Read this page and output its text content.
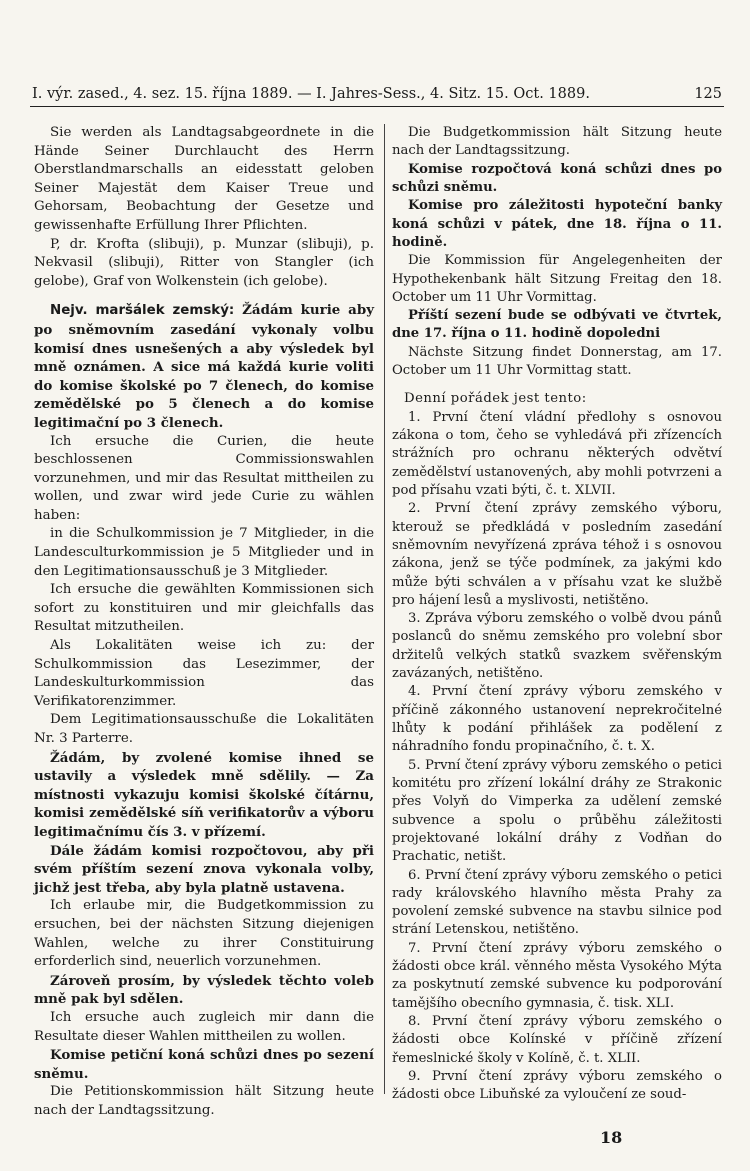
I. výr. zased., 4. sez. 15. října 1889. — I. Jahres-Sess., 4. Sitz. 15. Oct. 1889.	125

Sie werden als Landtagsabgeordnete in die Hände Seiner Durchlaucht des Herrn Oberstlandmarschalls an eidesstatt geloben Seiner Majestät dem Kaiser Treue und Gehorsam, Beobachtung der Gesetze und gewissenhafte Erfüllung Ihrer Pflichten.

P, dr. Krofta (slibuji), p. Munzar (slibuji), p. Nekvasil (slibuji), Ritter von Stangler (ich gelobe), Graf von Wolkenstein (ich gelobe).

Nejv. maršálek zemský: Žádám kurie aby po sněmovním zasedání vykonaly volbu komisí dnes usnešených a aby výsledek byl mně oznámen. A sice má každá kurie voliti do komise školské po 7 členech, do komise zemědělské po 5 členech a do komise legitimační po 3 členech.

Ich ersuche die Curien, die heute beschlossenen Commissionswahlen vorzunehmen, und mir das Resultat mittheilen zu wollen, und zwar wird jede Curie zu wählen haben:

in die Schulkommission je 7 Mitglieder, in die Landesculturkommission je 5 Mitglieder und in den Legitimationsausschuß je 3 Mitglieder.

Ich ersuche die gewählten Kommissionen sich sofort zu konstituiren und mir gleichfalls das Resultat mitzutheilen.

Als Lokalitäten weise ich zu: der Schulkommission das Lesezimmer, der Landeskulturkommission das Verifikatorenzimmer.

Dem Legitimationsausschuße die Lokalitäten Nr. 3 Parterre.

Žádám, by zvolené komise ihned se ustavily a výsledek mně sdělily. — Za místnosti vykazuju komisi školské čítárnu, komisi zemědělské síň verifikatorův a výboru legitimačnímu čís 3. v přízemí.

Dále žádám komisi rozpočtovou, aby při svém příštím sezení znova vykonala volby, jichž jest třeba, aby byla platně ustavena.

Ich erlaube mir, die Budgetkommission zu ersuchen, bei der nächsten Sitzung diejenigen Wahlen, welche zu ihrer Constituirung erforderlich sind, neuerlich vorzunehmen.

Zároveň prosím, by výsledek těchto voleb mně pak byl sdělen.

Ich ersuche auch zugleich mir dann die Resultate dieser Wahlen mittheilen zu wollen.

Komise petiční koná schůzi dnes po sezení sněmu.

Die Petitionskommission hält Sitzung heute nach der Landtagssitzung.

Die Budgetkommission hält Sitzung heute nach der Landtagssitzung.

Komise rozpočtová koná schůzi dnes po schůzi sněmu.

Komise pro záležitosti hypoteční banky koná schůzi v pátek, dne 18. října o 11. hodině.

Die Kommission für Angelegenheiten der Hypothekenbank hält Sitzung Freitag den 18. October um 11 Uhr Vormittag.

Příští sezení bude se odbývati ve čtvrtek, dne 17. října o 11. hodině dopoledni

Nächste Sitzung findet Donnerstag, am 17. October um 11 Uhr Vormittag statt.

Denní pořádek jest tento:

1. První čtení vládní předlohy s osnovou zákona o tom, čeho se vyhledává při zřízencích strážních pro ochranu některých odvětví zemědělství ustanovených, aby mohli potvrzeni a pod přísahu vzati býti, č. t. XLVII.

2. První čtení zprávy zemského výboru, kterouž se předkládá v posledním zasedání sněmovním nevyřízená zpráva téhož i s osnovou zákona, jenž se týče podmínek, za jakými kdo může býti schválen a v přísahu vzat ke službě pro hájení lesů a myslivosti, netištěno.

3. Zpráva výboru zemského o volbě dvou pánů poslanců do sněmu zemského pro volební sbor držitelů velkých statků svazkem svěřenským zavázaných, netištěno.

4. První čtení zprávy výboru zemského v příčině zákonného ustanovení neprekročitelné lhůty k podání přihlášek za podělení z náhradního fondu propinačního, č. t. X.

5. První čtení zprávy výboru zemského o petici komitétu pro zřízení lokální dráhy ze Strakonic přes Volyň do Vimperka za udělení zemské subvence a spolu o průběhu záležitosti projektované lokální dráhy z Vodňan do Prachatic, netišt.

6. První čtení zprávy výboru zemského o petici rady královského hlavního města Prahy za povolení zemské subvence na stavbu silnice pod strání Letenskou, netištěno.

7. První čtení zprávy výboru zemského o žádosti obce král. věnného města Vysokého Mýta za poskytnutí zemské subvence ku podporování tamějšího obecního gymnasia, č. tisk. XLI.

8. První čtení zprávy výboru zemského o žádosti obce Kolínské v příčině zřízení řemeslnické školy v Kolíně, č. t. XLII.

9. První čtení zprávy výboru zemského o žádosti obce Libuňské za vyloučení ze soud-

18
